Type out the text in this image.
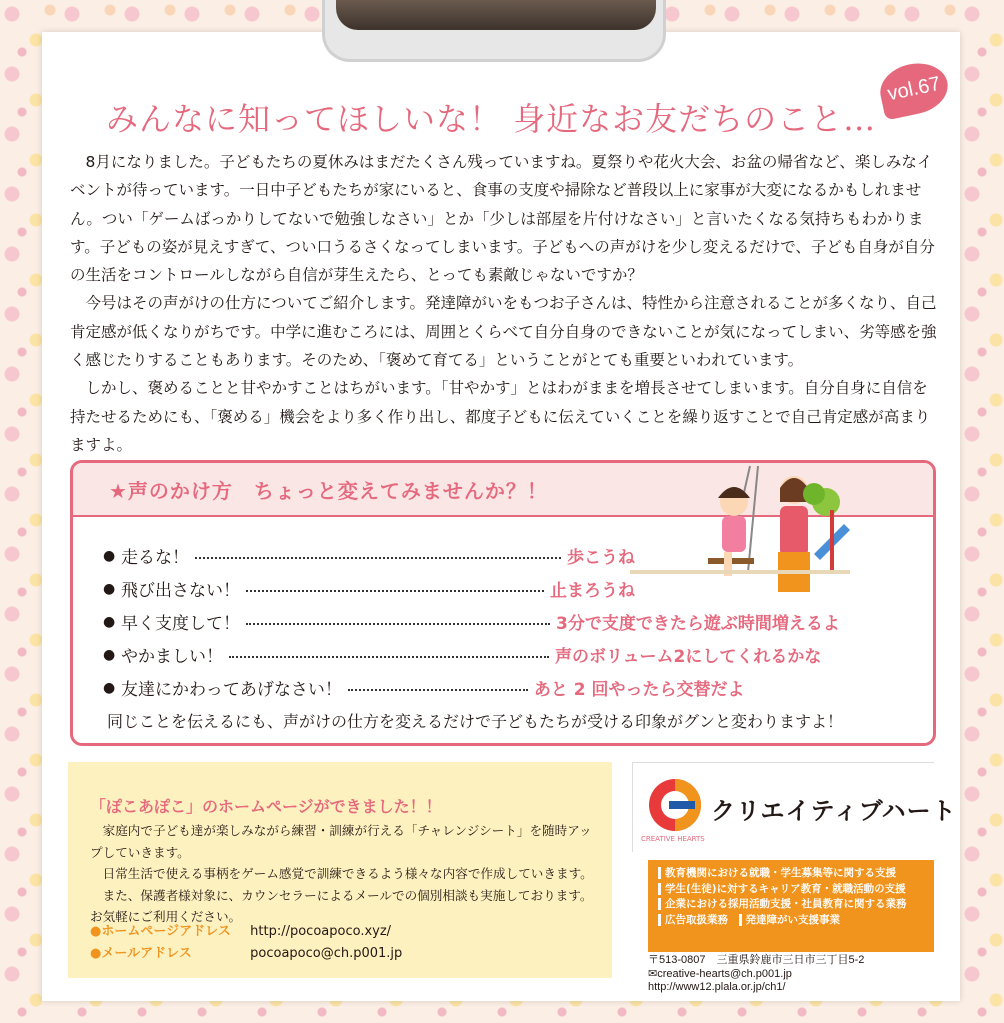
vol.67
みんなに知ってほしいな！ 身近なお友だちのこと…

8月になりました。子どもたちの夏休みはまだたくさん残っていますね。夏祭りや花火大会、お盆の帰省など、楽しみなイベントが待っています。一日中子どもたちが家にいると、食事の支度や掃除など普段以上に家事が大変になるかもしれません。つい「ゲームばっかりしてないで勉強しなさい」とか「少しは部屋を片付けなさい」と言いたくなる気持ちもわかります。子どもの姿が見えすぎて、つい口うるさくなってしまいます。子どもへの声がけを少し変えるだけで、子ども自身が自分の生活をコントロールしながら自信が芽生えたら、とっても素敵じゃないですか？

今号はその声がけの仕方についてご紹介します。発達障がいをもつお子さんは、特性から注意されることが多くなり、自己肯定感が低くなりがちです。中学に進むころには、周囲とくらべて自分自身のできないことが気になってしまい、劣等感を強く感じたりすることもあります。そのため、「褒めて育てる」ということがとても重要といわれています。

しかし、褒めることと甘やかすことはちがいます。「甘やかす」とはわがままを増長させてしまいます。自分自身に自信を持たせるためにも、「褒める」機会をより多く作り出し、都度子どもに伝えていくことを繰り返すことで自己肯定感が高まりますよ。

★声のかけ方　ちょっと変えてみませんか？！
● 走るな！	歩こうね
● 飛び出さない！	止まろうね
● 早く支度して！	3分で支度できたら遊ぶ時間増えるよ
● やかましい！	声のボリューム2にしてくれるかな
● 友達にかわってあげなさい！	あと 2 回やったら交替だよ
同じことを伝えるにも、声がけの仕方を変えるだけで子どもたちが受ける印象がグンと変わりますよ！
「ぽこあぽこ」のホームページができました！！

家庭内で子ども達が楽しみながら練習・訓練が行える「チャレンジシート」を随時アップしていきます。

日常生活で使える事柄をゲーム感覚で訓練できるよう様々な内容で作成していきます。

また、保護者様対象に、カウンセラーによるメールでの個別相談も実施しております。

お気軽にご利用ください。

●ホームページアドレス http://pocoapoco.xyz/
●メールアドレス	pocoapoco@ch.p001.jp
クリエイティブハート
CREATIVE HEARTS
教育機関における就職・学生募集等に関する支援
学生(生徒)に対するキャリア教育・就職活動の支援
企業における採用活動支援・社員教育に関する業務
広告取扱業務　 発達障がい支援事業
〒513-0807　三重県鈴鹿市三日市三丁目5-2
✉creative-hearts@ch.p001.jp
http://www12.plala.or.jp/ch1/
